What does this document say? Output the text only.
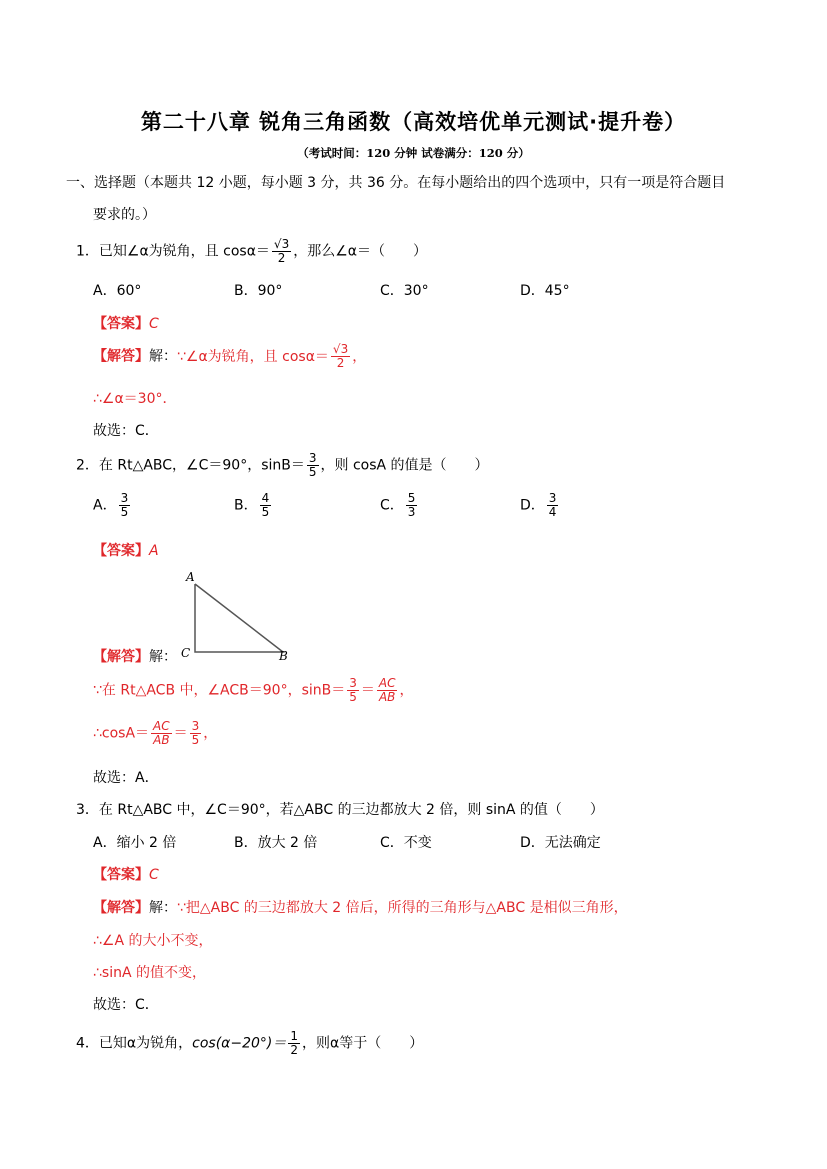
第二十八章 锐角三角函数（高效培优单元测试·提升卷）
（考试时间：120 分钟 试卷满分：120 分）
一、选择题（本题共 12 小题，每小题 3 分，共 36 分。在每小题给出的四个选项中，只有一项是符合题目
要求的。）
1．已知∠α为锐角，且 $\cos\alpha= \frac{√3}{2}$ ，那么∠α＝（　　）
A．60°	B．90°	C．30°	D．45°
【答案】C
【解答】解：∵∠α为锐角，且 $\cos\alpha= \frac{√3}{2}$ ，
∴∠α＝30°．
故选：C．
2．在 Rt△ABC，∠C＝90°，$\sin B= \frac{3}{5}$ ，则 cosA 的值是（　　）
A． $\frac{3}{5}$	B． $\frac{4}{5}$	C． $\frac{5}{3}$	D． $\frac{3}{4}$
【答案】A
A
C	B
【解答】解：
∵在 Rt△ACB 中，∠ACB＝90°，$\sin B= \frac{3}{5} = \frac{AC}{AB}$ ，
∴cosA＝ $\frac{AC}{AB} = \frac{3}{5}$ ，
故选：A．
3．在 Rt△ABC 中，∠C＝90°，若△ABC 的三边都放大 2 倍，则 sinA 的值（　　）
A．缩小 2 倍	B．放大 2 倍	C．不变	D．无法确定
【答案】C
【解答】解：∵把△ABC 的三边都放大 2 倍后，所得的三角形与△ABC 是相似三角形，
∴∠A 的大小不变，
∴sinA 的值不变，
故选：C．
4．已知α为锐角，$\cos(\alpha-20^\circ)= \frac{1}{2}$ ，则α等于（　　）
